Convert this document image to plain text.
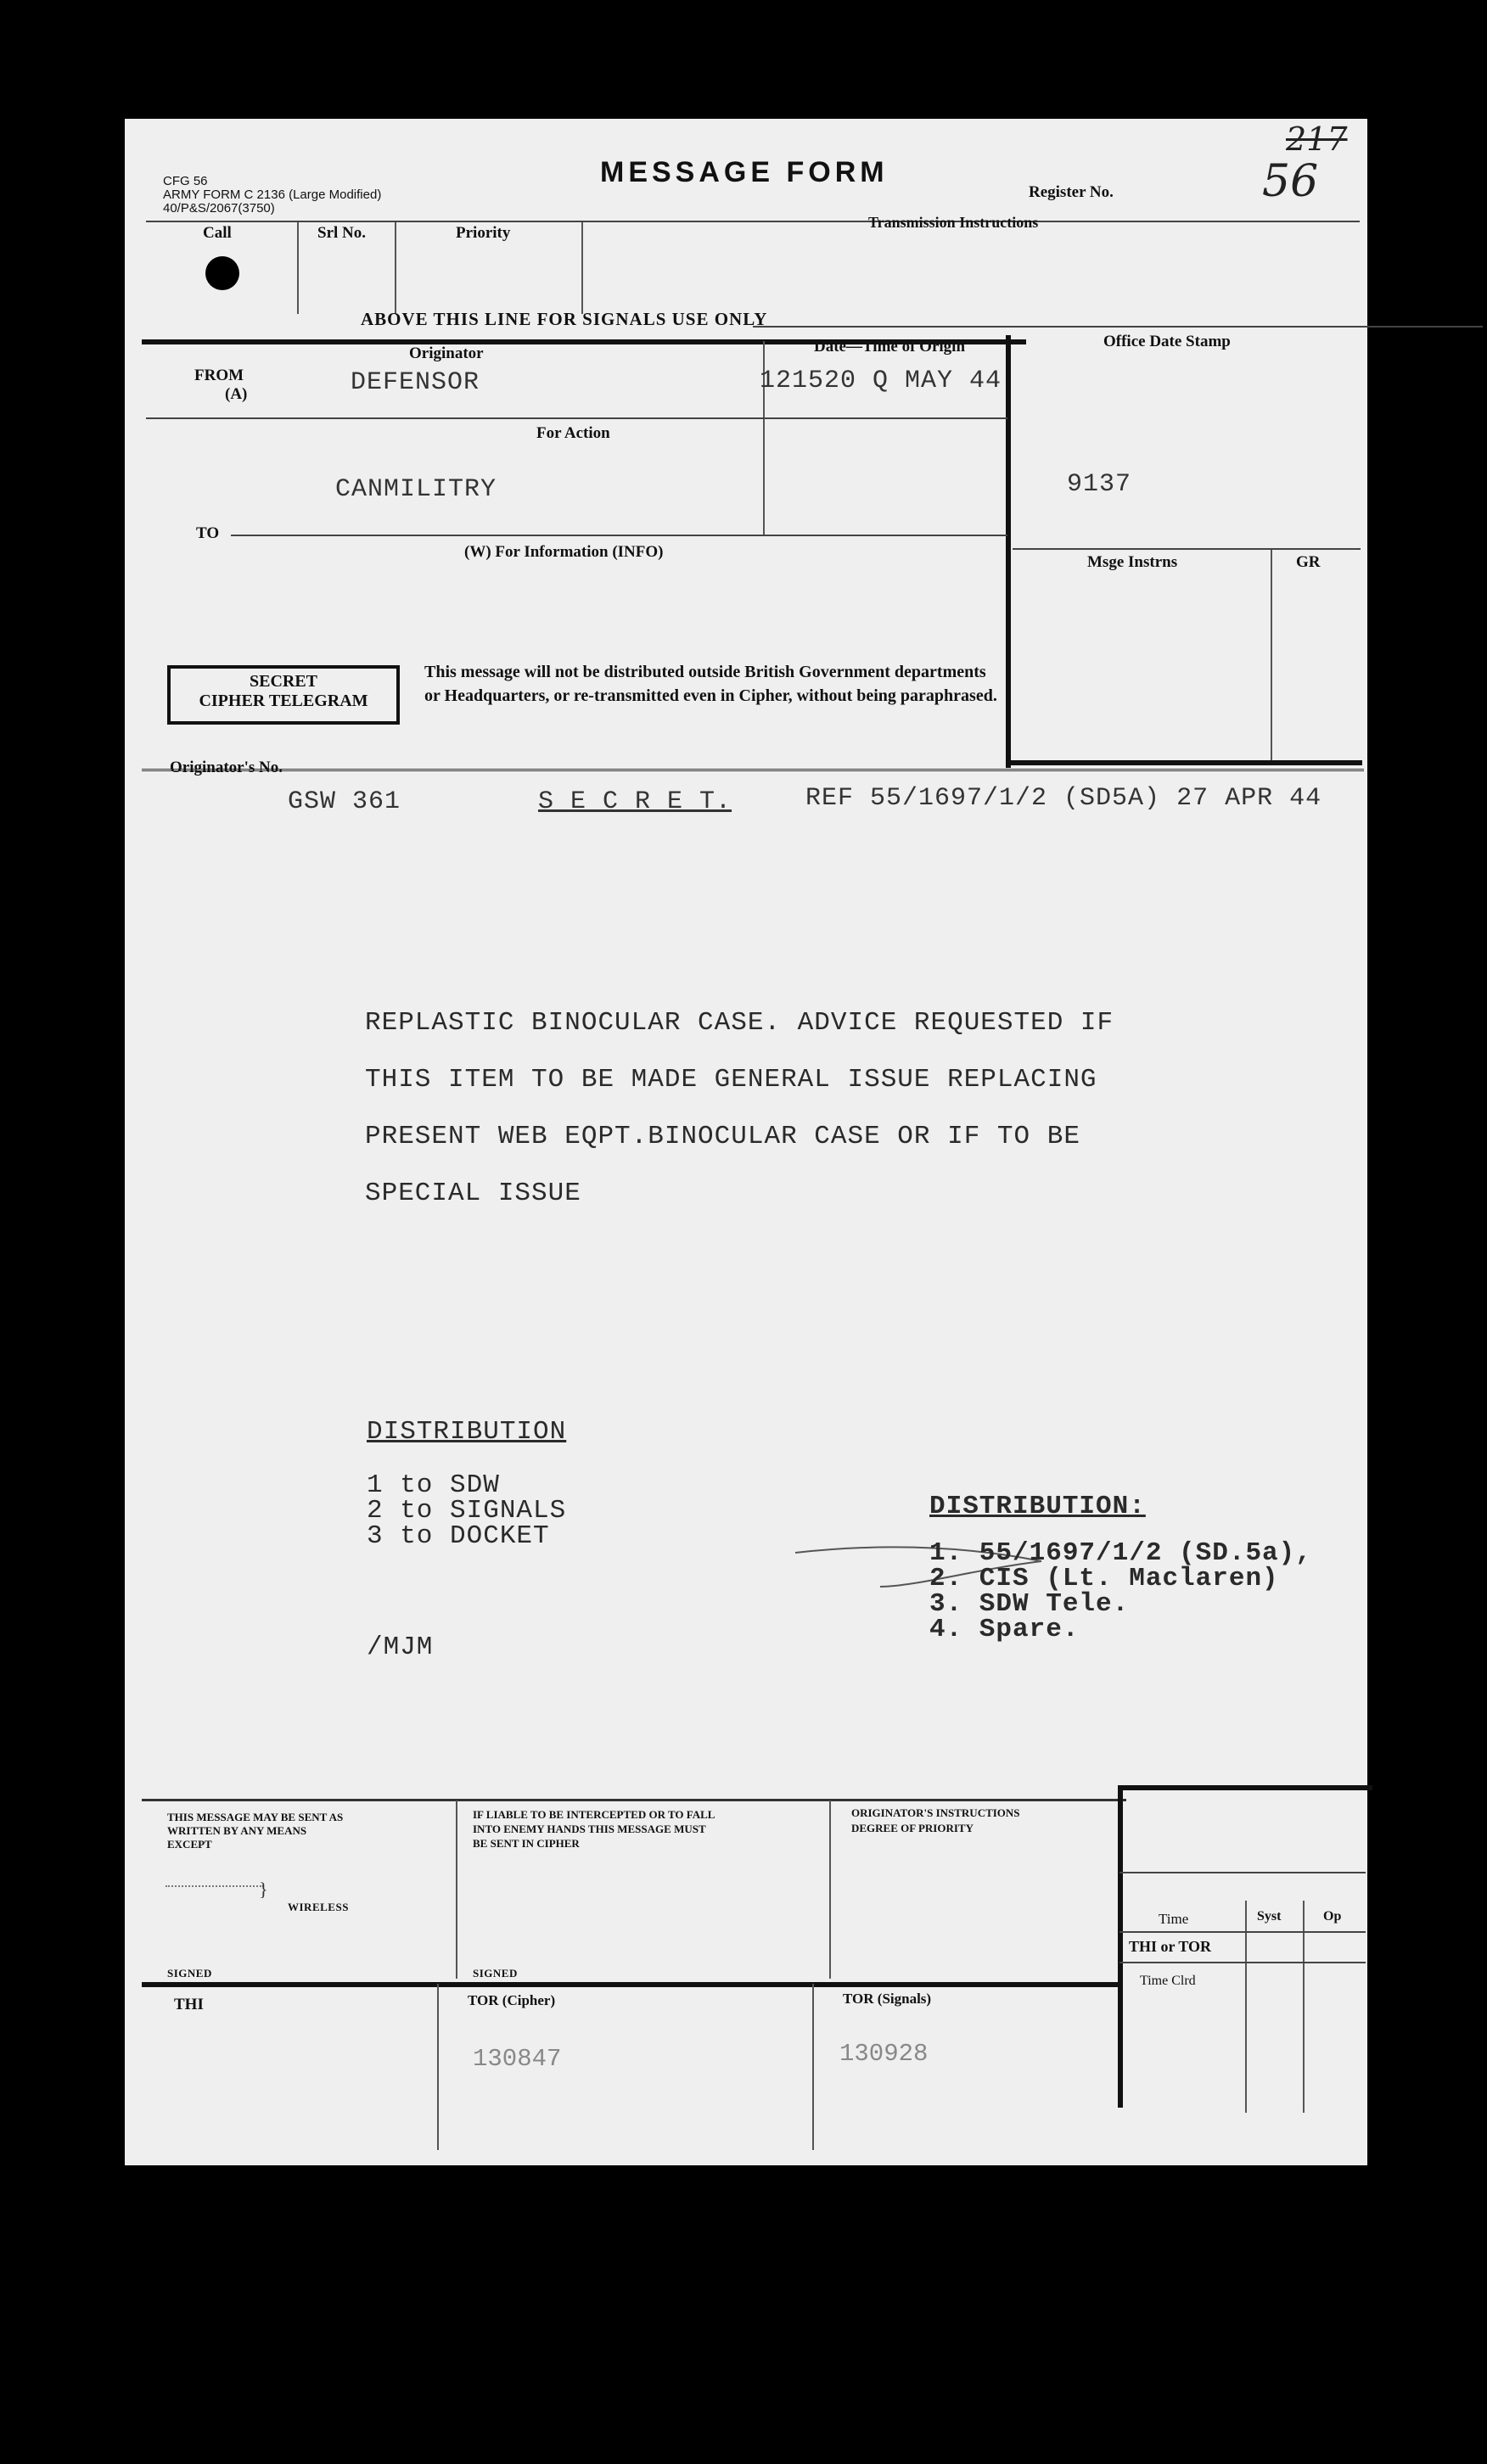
CFG 56
ARMY FORM C 2136 (Large Modified)
40/P&S/2067(3750)
MESSAGE FORM
Register No.
217
56
Call	Srl No.	Priority
Transmission Instructions
ABOVE THIS LINE FOR SIGNALS USE ONLY
Originator	Date—Time of Origin
FROM
(A)	DEFENSOR	121520 Q MAY 44
Office Date Stamp
For Action
CANMILITRY	9137
TO
(W) For Information (INFO)
Msge Instrns	GR
SECRET
CIPHER TELEGRAM
This message will not be distributed outside British Government departments
or Headquarters, or re-transmitted even in Cipher, without being paraphrased.
Originator's No.
GSW 361	S E C R E T.	REF 55/1697/1/2 (SD5A) 27 APR 44
REPLASTIC BINOCULAR CASE. ADVICE REQUESTED IF
THIS ITEM TO BE MADE GENERAL ISSUE REPLACING
PRESENT WEB EQPT.BINOCULAR CASE OR IF TO BE
SPECIAL ISSUE
DISTRIBUTION
1 to SDW
2 to SIGNALS
3 to DOCKET
/MJM
DISTRIBUTION:
1. 55/1697/1/2 (SD.5a),
2. CIS (Lt. Maclaren)
3. SDW Tele.
4. Spare.
THIS MESSAGE MAY BE SENT AS
WRITTEN BY ANY MEANS
EXCEPT
}
WIRELESS
SIGNED
IF LIABLE TO BE INTERCEPTED OR TO FALL
INTO ENEMY HANDS THIS MESSAGE MUST
BE SENT IN CIPHER
SIGNED
ORIGINATOR'S INSTRUCTIONS
DEGREE OF PRIORITY
Time	Syst	Op
THI or TOR
Time Clrd
THI	TOR (Cipher)
130847
TOR (Signals)
130928
